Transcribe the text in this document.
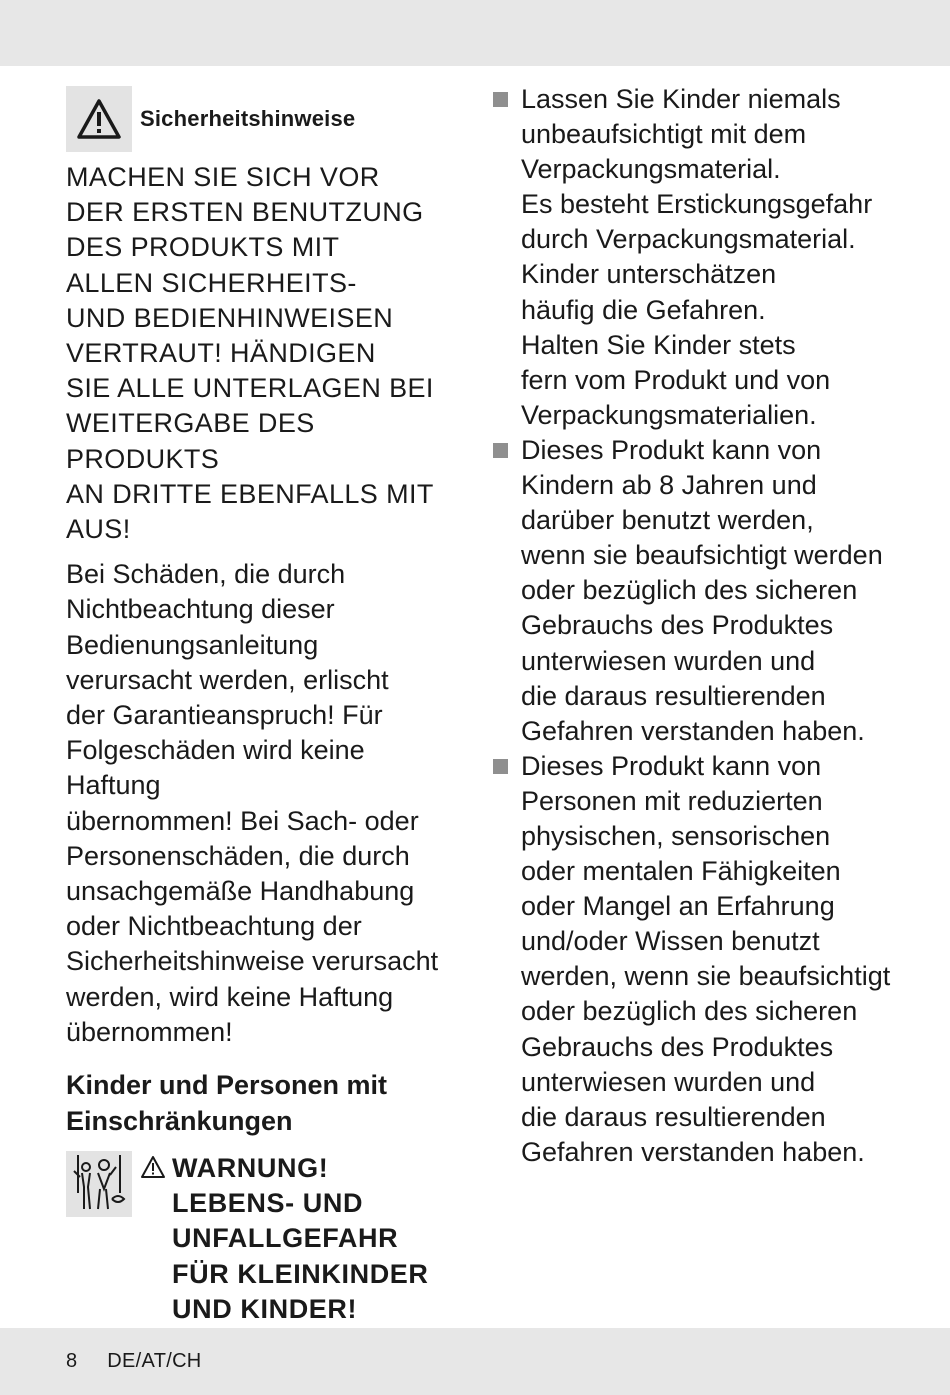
Sicherheitshinweise

MACHEN SIE SICH VOR
DER ERSTEN BENUTZUNG
DES PRODUKTS MIT
ALLEN SICHERHEITS-
UND BEDIENHINWEISEN
VERTRAUT! HÄNDIGEN
SIE ALLE UNTERLAGEN BEI
WEITERGABE DES PRODUKTS
AN DRITTE EBENFALLS MIT
AUS!

Bei Schäden, die durch
Nichtbeachtung dieser
Bedienungsanleitung
verursacht werden, erlischt
der Garantieanspruch! Für
Folgeschäden wird keine Haftung
übernommen! Bei Sach- oder
Personenschäden, die durch
unsachgemäße Handhabung
oder Nichtbeachtung der
Sicherheitshinweise verursacht
werden, wird keine Haftung
übernommen!

Kinder und Personen mit
Einschränkungen
WARNUNG!
LEBENS- UND
UNFALLGEFAHR
FÜR KLEINKINDER
UND KINDER!
Lassen Sie Kinder niemals
unbeaufsichtigt mit dem
Verpackungsmaterial.
Es besteht Erstickungsgefahr
durch Verpackungsmaterial.
Kinder unterschätzen
häufig die Gefahren.
Halten Sie Kinder stets
fern vom Produkt und von
Verpackungsmaterialien.
Dieses Produkt kann von
Kindern ab 8 Jahren und
darüber benutzt werden,
wenn sie beaufsichtigt werden
oder bezüglich des sicheren
Gebrauchs des Produktes
unterwiesen wurden und
die daraus resultierenden
Gefahren verstanden haben.
Dieses Produkt kann von
Personen mit reduzierten
physischen, sensorischen
oder mentalen Fähigkeiten
oder Mangel an Erfahrung
und/oder Wissen benutzt
werden, wenn sie beaufsichtigt
oder bezüglich des sicheren
Gebrauchs des Produktes
unterwiesen wurden und
die daraus resultierenden
Gefahren verstanden haben.
8 DE/AT/CH
